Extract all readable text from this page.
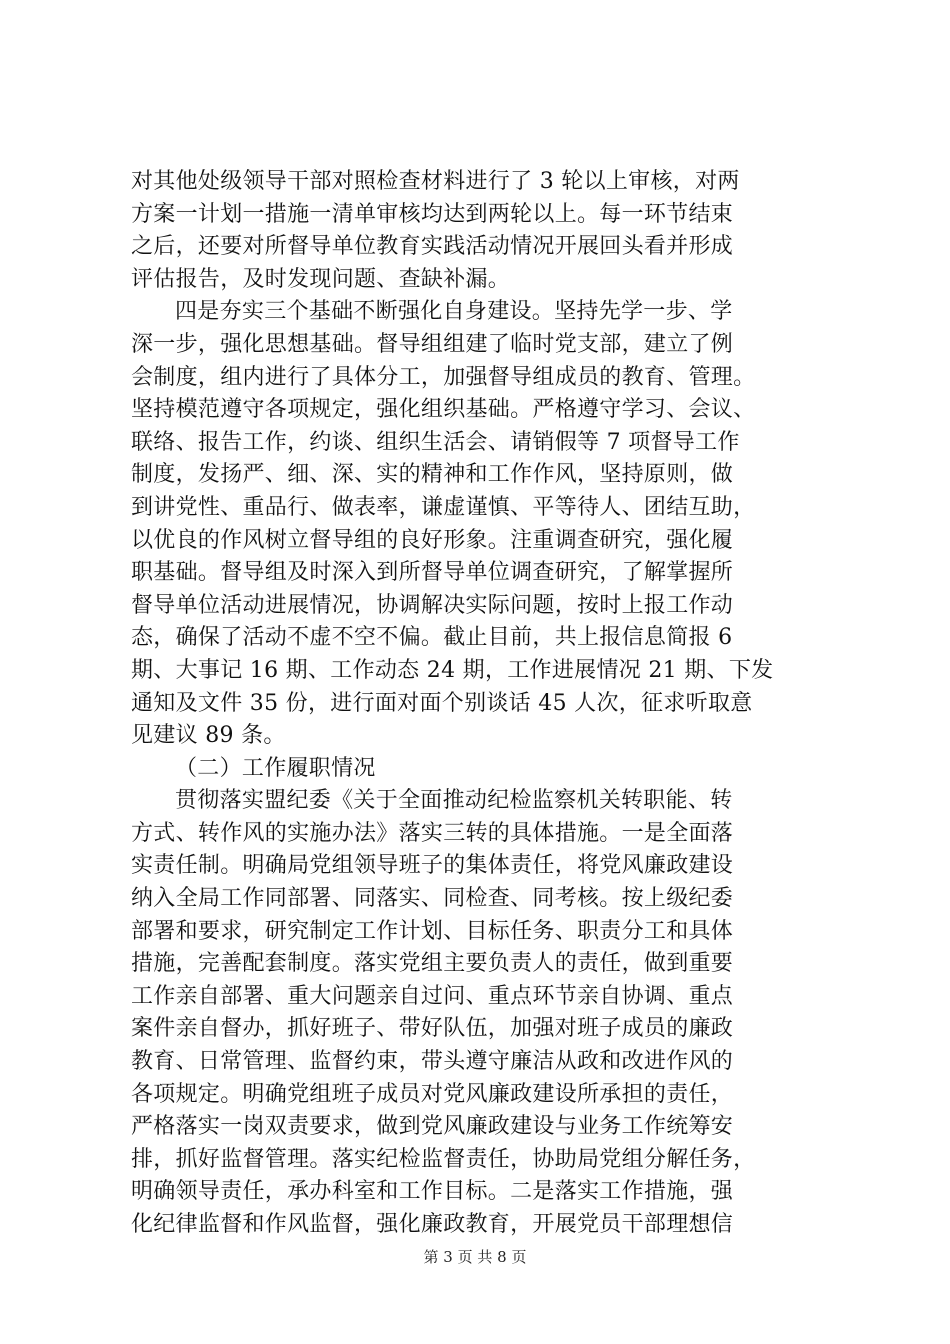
对其他处级领导干部对照检查材料进行了 3 轮以上审核，对两
方案一计划一措施一清单审核均达到两轮以上。每一环节结束
之后，还要对所督导单位教育实践活动情况开展回头看并形成
评估报告，及时发现问题、查缺补漏。
四是夯实三个基础不断强化自身建设。坚持先学一步、学
深一步，强化思想基础。督导组组建了临时党支部，建立了例
会制度，组内进行了具体分工，加强督导组成员的教育、管理。
坚持模范遵守各项规定，强化组织基础。严格遵守学习、会议、
联络、报告工作，约谈、组织生活会、请销假等 7 项督导工作
制度，发扬严、细、深、实的精神和工作作风，坚持原则，做
到讲党性、重品行、做表率，谦虚谨慎、平等待人、团结互助，
以优良的作风树立督导组的良好形象。注重调查研究，强化履
职基础。督导组及时深入到所督导单位调查研究，了解掌握所
督导单位活动进展情况，协调解决实际问题，按时上报工作动
态，确保了活动不虚不空不偏。截止目前，共上报信息简报 6
期、大事记 16 期、工作动态 24 期，工作进展情况 21 期、下发
通知及文件 35 份，进行面对面个别谈话 45 人次，征求听取意
见建议 89 条。
（二）工作履职情况
贯彻落实盟纪委《关于全面推动纪检监察机关转职能、转
方式、转作风的实施办法》落实三转的具体措施。一是全面落
实责任制。明确局党组领导班子的集体责任，将党风廉政建设
纳入全局工作同部署、同落实、同检查、同考核。按上级纪委
部署和要求，研究制定工作计划、目标任务、职责分工和具体
措施，完善配套制度。落实党组主要负责人的责任，做到重要
工作亲自部署、重大问题亲自过问、重点环节亲自协调、重点
案件亲自督办，抓好班子、带好队伍，加强对班子成员的廉政
教育、日常管理、监督约束，带头遵守廉洁从政和改进作风的
各项规定。明确党组班子成员对党风廉政建设所承担的责任，
严格落实一岗双责要求，做到党风廉政建设与业务工作统筹安
排，抓好监督管理。落实纪检监督责任，协助局党组分解任务，
明确领导责任，承办科室和工作目标。二是落实工作措施，强
化纪律监督和作风监督，强化廉政教育，开展党员干部理想信
第 3 页 共 8 页
